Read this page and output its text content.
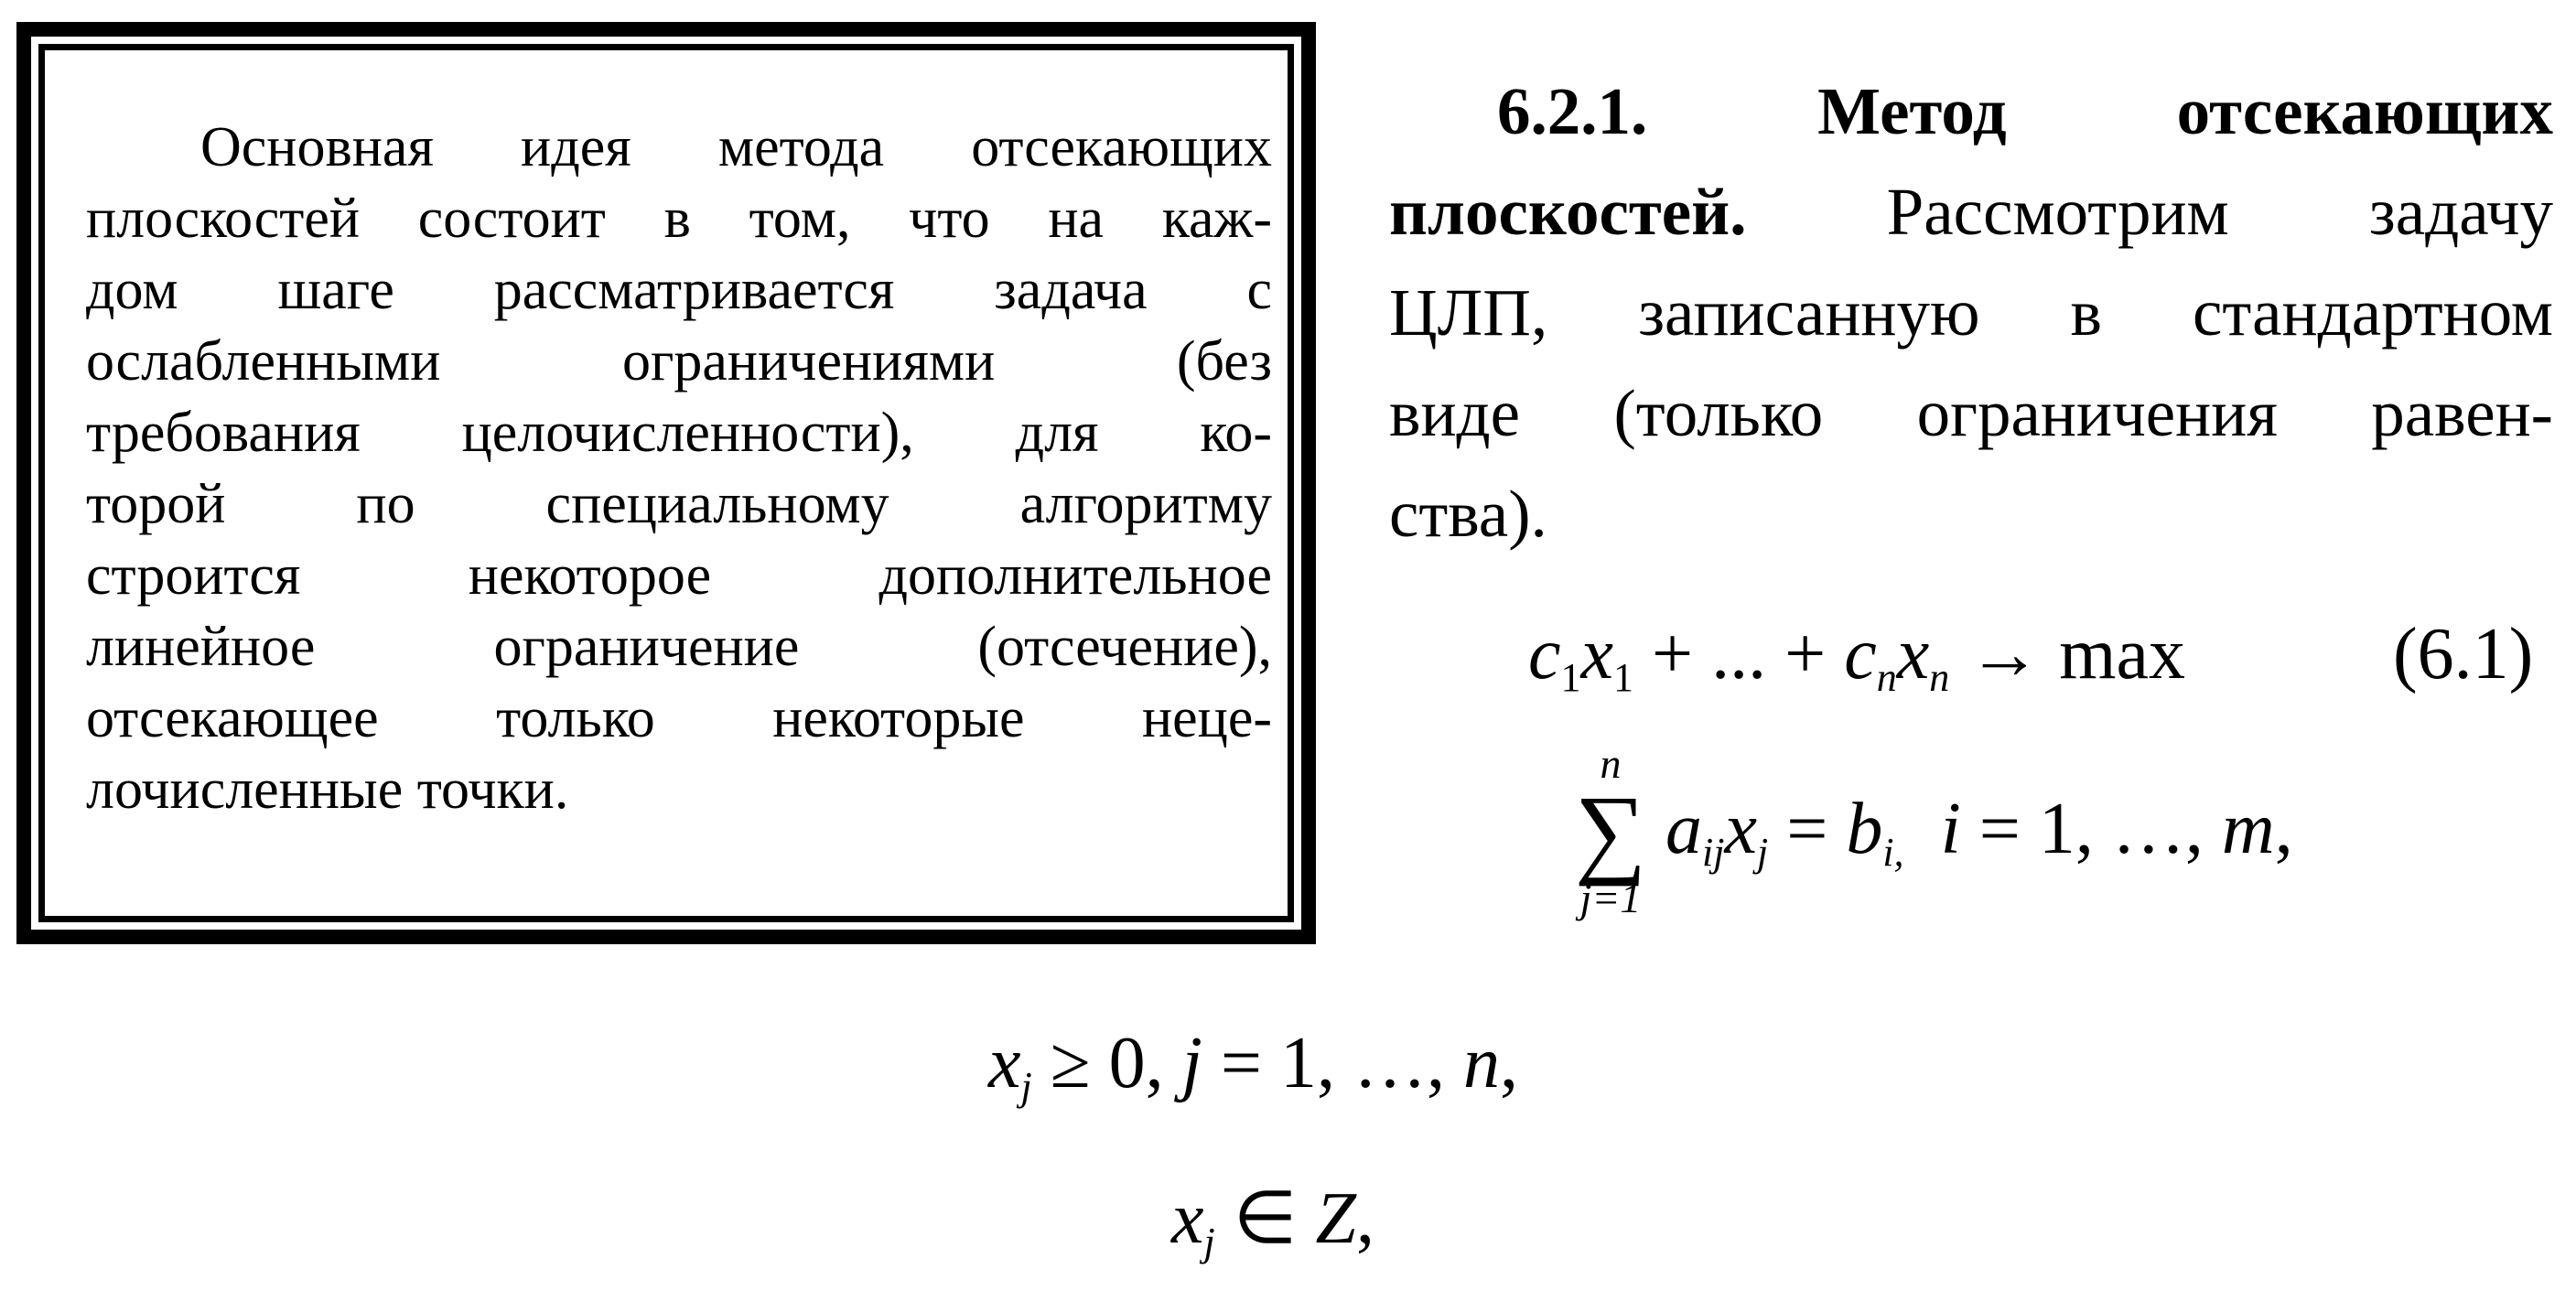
Основная идея метода отсекающих
плоскостей состоит в том, что на каж-
дом шаге рассматривается задача с
ослабленными ограничениями (без
требования целочисленности), для ко-
торой по специальному алгоритму
строится некоторое дополнительное
линейное ограничение (отсечение),
отсекающее только некоторые неце-
лочисленные точки.
6.2.1.	Метод отсекающих
плоскостей. Рассмотрим задачу
ЦЛП, записанную в стандартном
виде (только ограничения равен-
ства).
$c_1x_1$ + ... + $c_nx_n \to \max$	(6.1)
n
∑
j=1
$a_{ij}x_j = b_{i,}$ i = 1, …, m,
$x_j \ge 0$, j = 1, …, n,
$x_j$ ∈ Z,
